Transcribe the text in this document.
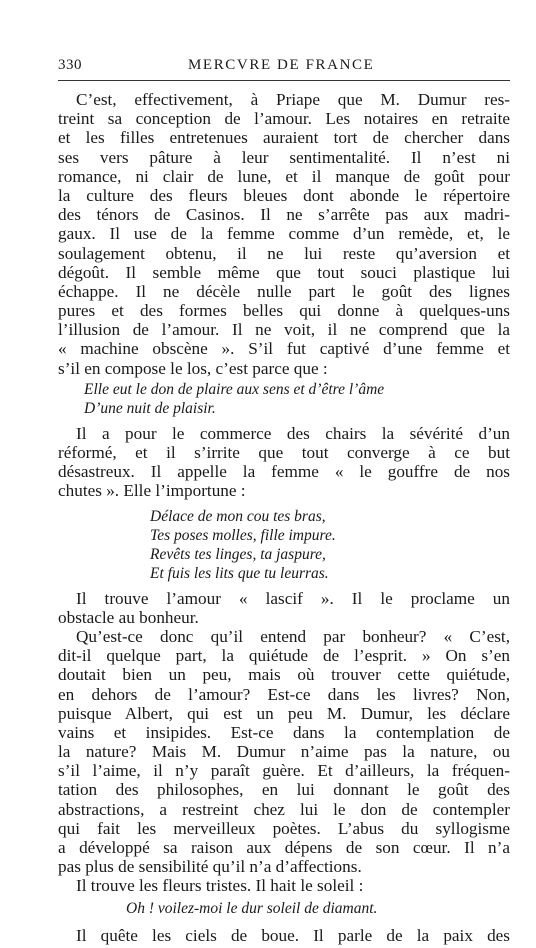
330	MERCVRE DE FRANCE
C’est, effectivement, à Priape que M. Dumur res-
treint sa conception de l’amour. Les notaires en retraite
et les filles entretenues auraient tort de chercher dans
ses vers pâture à leur sentimentalité. Il n’est ni
romance, ni clair de lune, et il manque de goût pour
la culture des fleurs bleues dont abonde le répertoire
des ténors de Casinos. Il ne s’arrête pas aux madri-
gaux. Il use de la femme comme d’un remède, et, le
soulagement obtenu, il ne lui reste qu’aversion et
dégoût. Il semble même que tout souci plastique lui
échappe. Il ne décèle nulle part le goût des lignes
pures et des formes belles qui donne à quelques-uns
l’illusion de l’amour. Il ne voit, il ne comprend que la
« machine obscène ». S’il fut captivé d’une femme et
s’il en compose le los, c’est parce que :
Elle eut le don de plaire aux sens et d’être l’âme
D’une nuit de plaisir.
Il a pour le commerce des chairs la sévérité d’un
réformé, et il s’irrite que tout converge à ce but
désastreux. Il appelle la femme « le gouffre de nos
chutes ». Elle l’importune :
Délace de mon cou tes bras,
Tes poses molles, fille impure.
Revêts tes linges, ta jaspure,
Et fuis les lits que tu leurras.
Il trouve l’amour « lascif ». Il le proclame un
obstacle au bonheur.
Qu’est-ce donc qu’il entend par bonheur? « C’est,
dit-il quelque part, la quiétude de l’esprit. » On s’en
doutait bien un peu, mais où trouver cette quiétude,
en dehors de l’amour? Est-ce dans les livres? Non,
puisque Albert, qui est un peu M. Dumur, les déclare
vains et insipides. Est-ce dans la contemplation de
la nature? Mais M. Dumur n’aime pas la nature, ou
s’il l’aime, il n’y paraît guère. Et d’ailleurs, la fréquen-
tation des philosophes, en lui donnant le goût des
abstractions, a restreint chez lui le don de contempler
qui fait les merveilleux poètes. L’abus du syllogisme
a développé sa raison aux dépens de son cœur. Il n’a
pas plus de sensibilité qu’il n’a d’affections.
Il trouve les fleurs tristes. Il hait le soleil :
Oh ! voilez-moi le dur soleil de diamant.
Il quête les ciels de boue. Il parle de la paix des
